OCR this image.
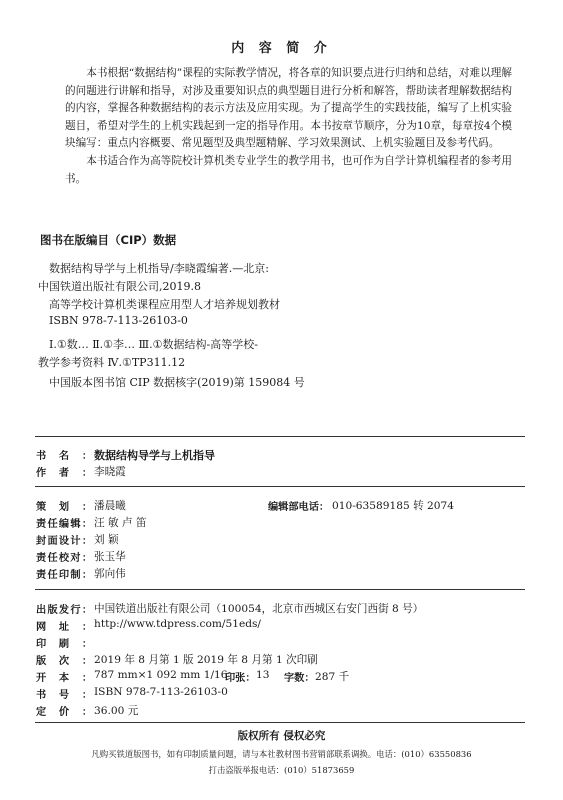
内 容 简 介

本书根据“数据结构”课程的实际教学情况，将各章的知识要点进行归纳和总结，对难以理解的问题进行讲解和指导，对涉及重要知识点的典型题目进行分析和解答，帮助读者理解数据结构的内容，掌握各种数据结构的表示方法及应用实现。为了提高学生的实践技能，编写了上机实验题目，希望对学生的上机实践起到一定的指导作用。本书按章节顺序，分为10章，每章按4个模块编写：重点内容概要、常见题型及典型题精解、学习效果测试、上机实验题目及参考代码。

本书适合作为高等院校计算机类专业学生的教学用书，也可作为自学计算机编程者的参考用书。

图书在版编目（CIP）数据
数据结构导学与上机指导/李晓霞编著.—北京:
中国铁道出版社有限公司,2019.8
高等学校计算机类课程应用型人才培养规划教材
ISBN 978-7-113-26103-0
Ⅰ.①数… Ⅱ.①李… Ⅲ.①数据结构-高等学校-
教学参考资料 Ⅳ.①TP311.12
中国版本图书馆 CIP 数据核字(2019)第 159084 号
书 名 ： 数据结构导学与上机指导
作 者 ： 李晓霞
策 划 ： 潘晨曦	编辑部电话： 010-63589185 转 2074
责 任 编 辑 ： 汪 敏 卢 笛
封 面 设 计 ： 刘 颖
责 任 校 对 ： 张玉华
责 任 印 制 ： 郭向伟
出 版 发 行 ： 中国铁道出版社有限公司（100054，北京市西城区右安门西街 8 号）
网 址 ： http://www.tdpress.com/51eds/
印 刷 ：
版 次 ： 2019 年 8 月第 1 版 2019 年 8 月第 1 次印刷
开 本 ： 787 mm×1 092 mm 1/16
印张： 13 字数： 287 千
书 号 ： ISBN 978-7-113-26103-0
定 价 ： 36.00 元
版权所有 侵权必究
凡购买铁道版图书，如有印制质量问题，请与本社教材图书营销部联系调换。电话：(010）63550836
打击盗版举报电话：(010）51873659
